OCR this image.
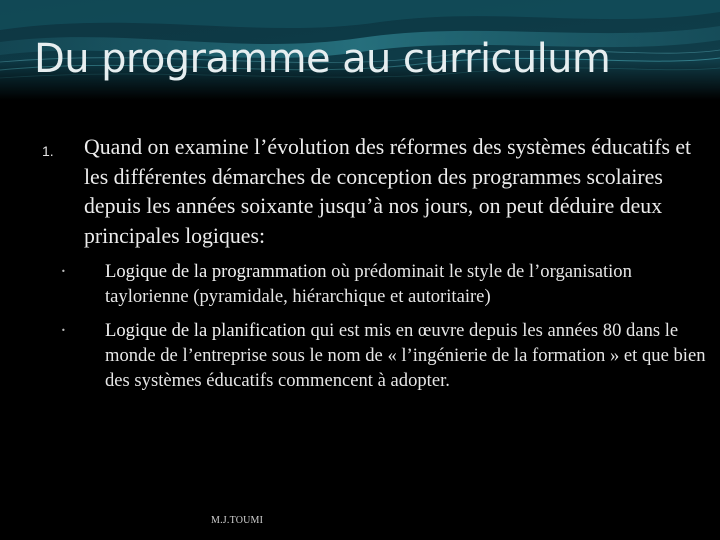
Du programme au curriculum
1. Quand on examine l’évolution des réformes des systèmes éducatifs et les différentes démarches de conception des programmes scolaires depuis les années soixante jusqu’à nos jours, on peut déduire deux principales logiques:

• Logique de la programmation où prédominait le style de l’organisation taylorienne (pyramidale, hiérarchique et autoritaire)

• Logique de la planification qui est mis en œuvre depuis les années 80 dans le monde de l’entreprise sous le nom de « l’ingénierie de la formation » et que bien des systèmes éducatifs commencent à adopter.

M.J.TOUMI
